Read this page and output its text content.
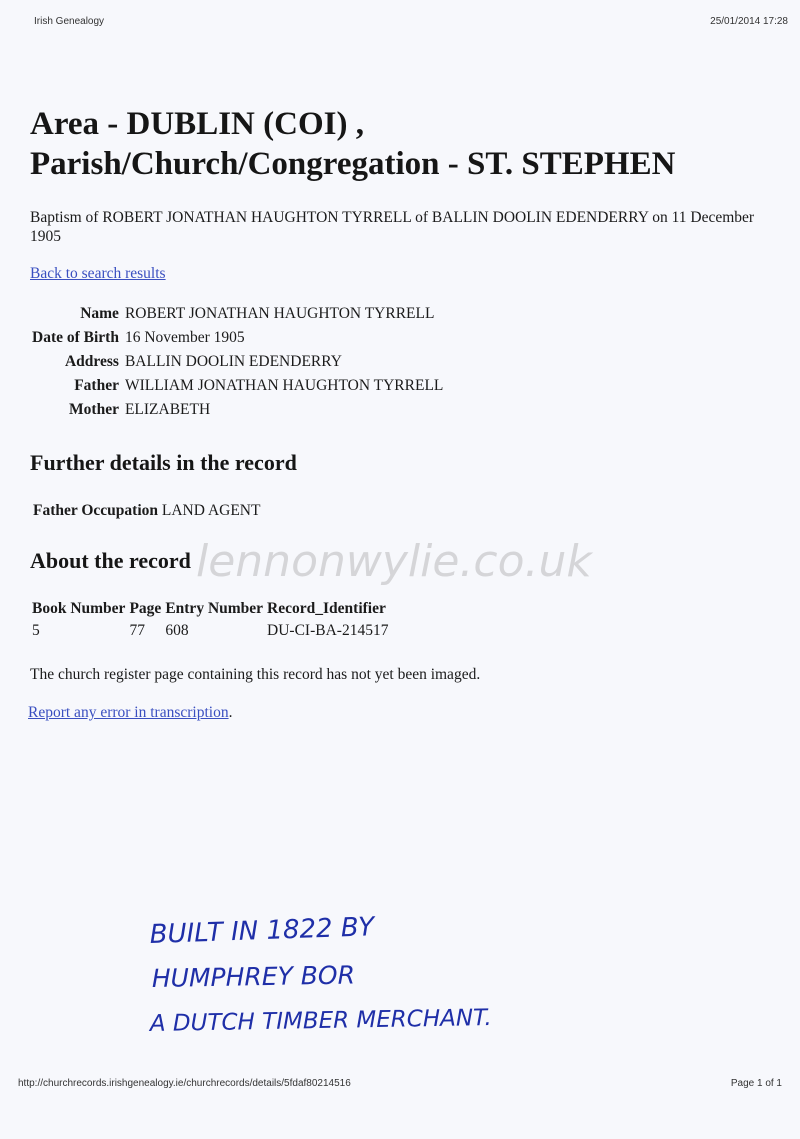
Irish Genealogy	25/01/2014 17:28
Area - DUBLIN (COI) ,
Parish/Church/Congregation - ST. STEPHEN
Baptism of ROBERT JONATHAN HAUGHTON TYRRELL of BALLIN DOOLIN EDENDERRY on 11 December 1905
Back to search results
Name	ROBERT JONATHAN HAUGHTON TYRRELL
Date of Birth	16 November 1905
Address	BALLIN DOOLIN EDENDERRY
Father	WILLIAM JONATHAN HAUGHTON TYRRELL
Mother	ELIZABETH
Further details in the record
Father Occupation LAND AGENT
About the record lennonwylie.co.uk
Book Number	Page	Entry Number	Record_Identifier
5	77	608	DU-CI-BA-214517
The church register page containing this record has not yet been imaged.
Report any error in transcription.
BUILT IN 1822 BY
HUMPHREY BOR
A DUTCH TIMBER MERCHANT.
http://churchrecords.irishgenealogy.ie/churchrecords/details/5fdaf80214516	Page 1 of 1
